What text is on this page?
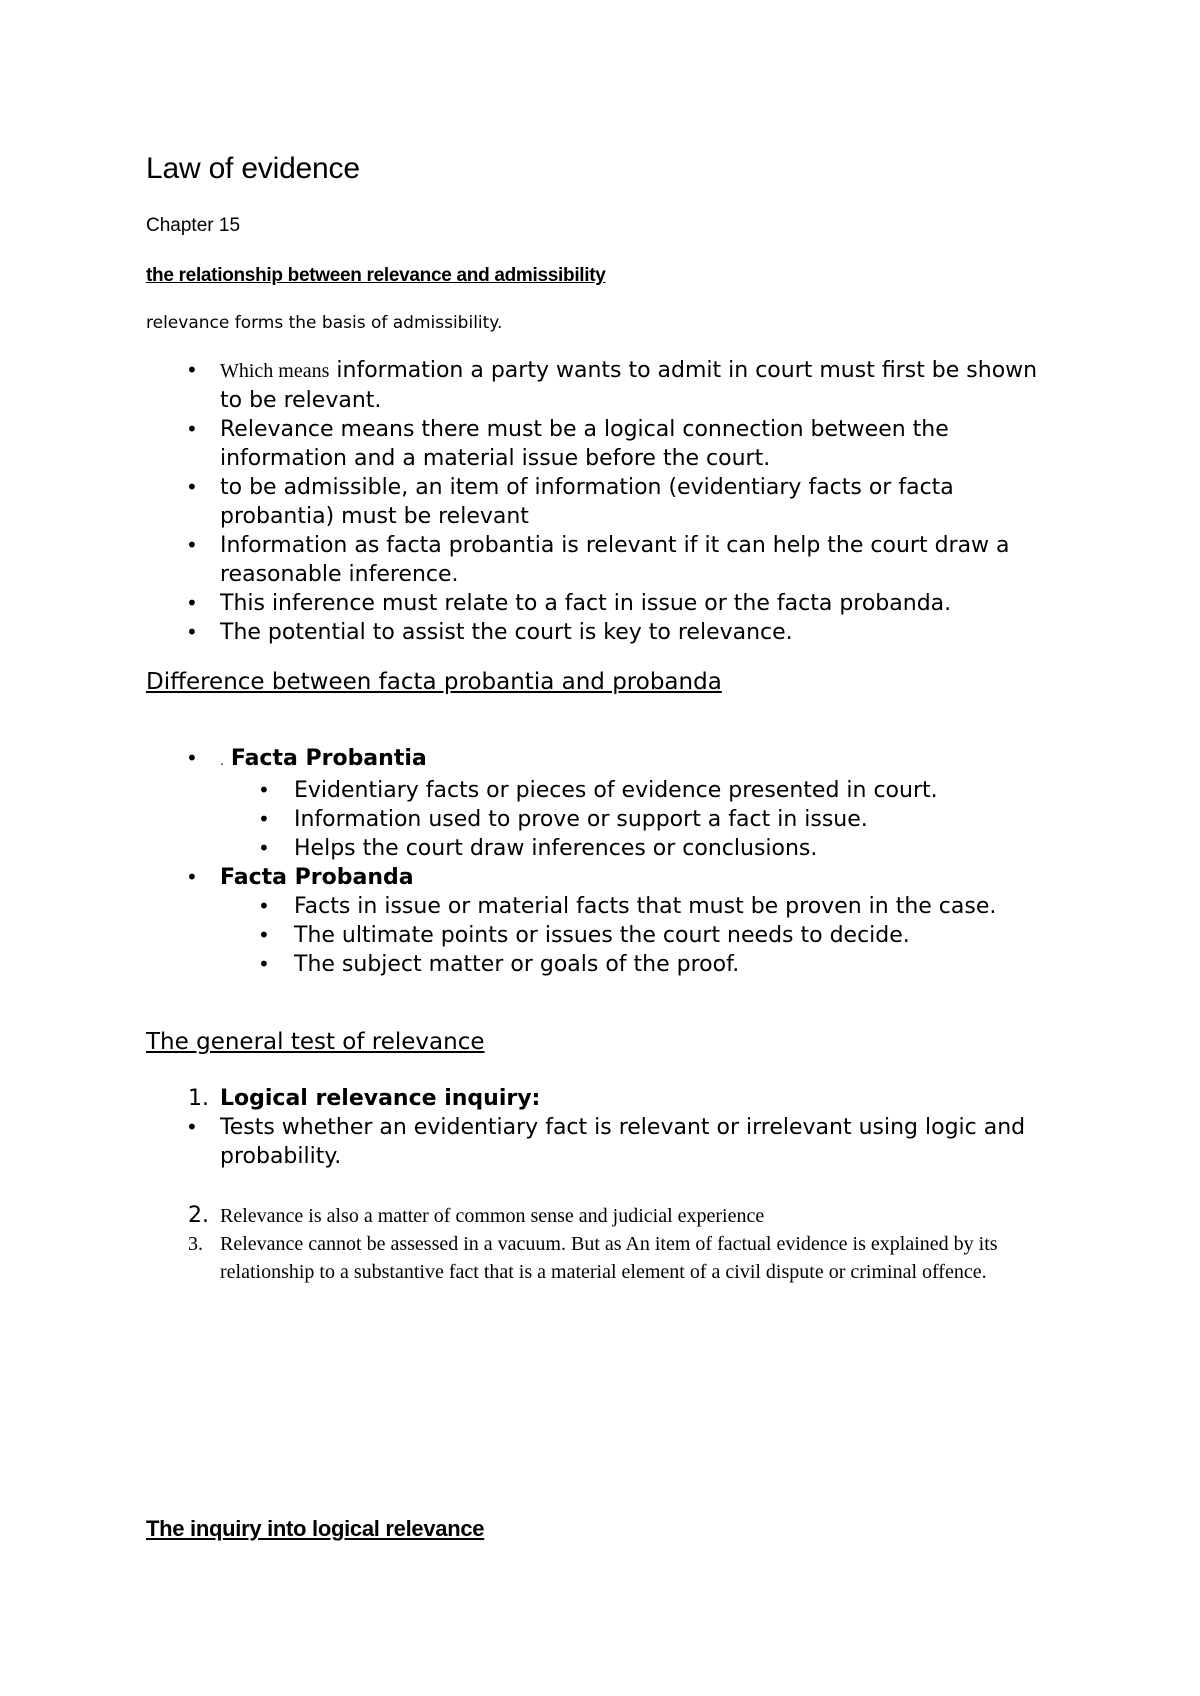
Law of evidence

Chapter 15

the relationship between relevance and admissibility

relevance forms the basis of admissibility.

• Which means information a party wants to admit in court must first be shown to be relevant.
• Relevance means there must be a logical connection between the information and a material issue before the court.
• to be admissible, an item of information (evidentiary facts or facta probantia) must be relevant
• Information as facta probantia is relevant if it can help the court draw a reasonable inference.
• This inference must relate to a fact in issue or the facta probanda.
• The potential to assist the court is key to relevance.
Difference between facta probantia and probanda
• . Facta Probantia
• Evidentiary facts or pieces of evidence presented in court.
• Information used to prove or support a fact in issue.
• Helps the court draw inferences or conclusions.
• Facta Probanda
• Facts in issue or material facts that must be proven in the case.
• The ultimate points or issues the court needs to decide.
• The subject matter or goals of the proof.
The general test of relevance
1. Logical relevance inquiry:
• Tests whether an evidentiary fact is relevant or irrelevant using logic and probability.
2. Relevance is also a matter of common sense and judicial experience
3. Relevance cannot be assessed in a vacuum. But as An item of factual evidence is explained by its relationship to a substantive fact that is a material element of a civil dispute or criminal offence.
The inquiry into logical relevance
